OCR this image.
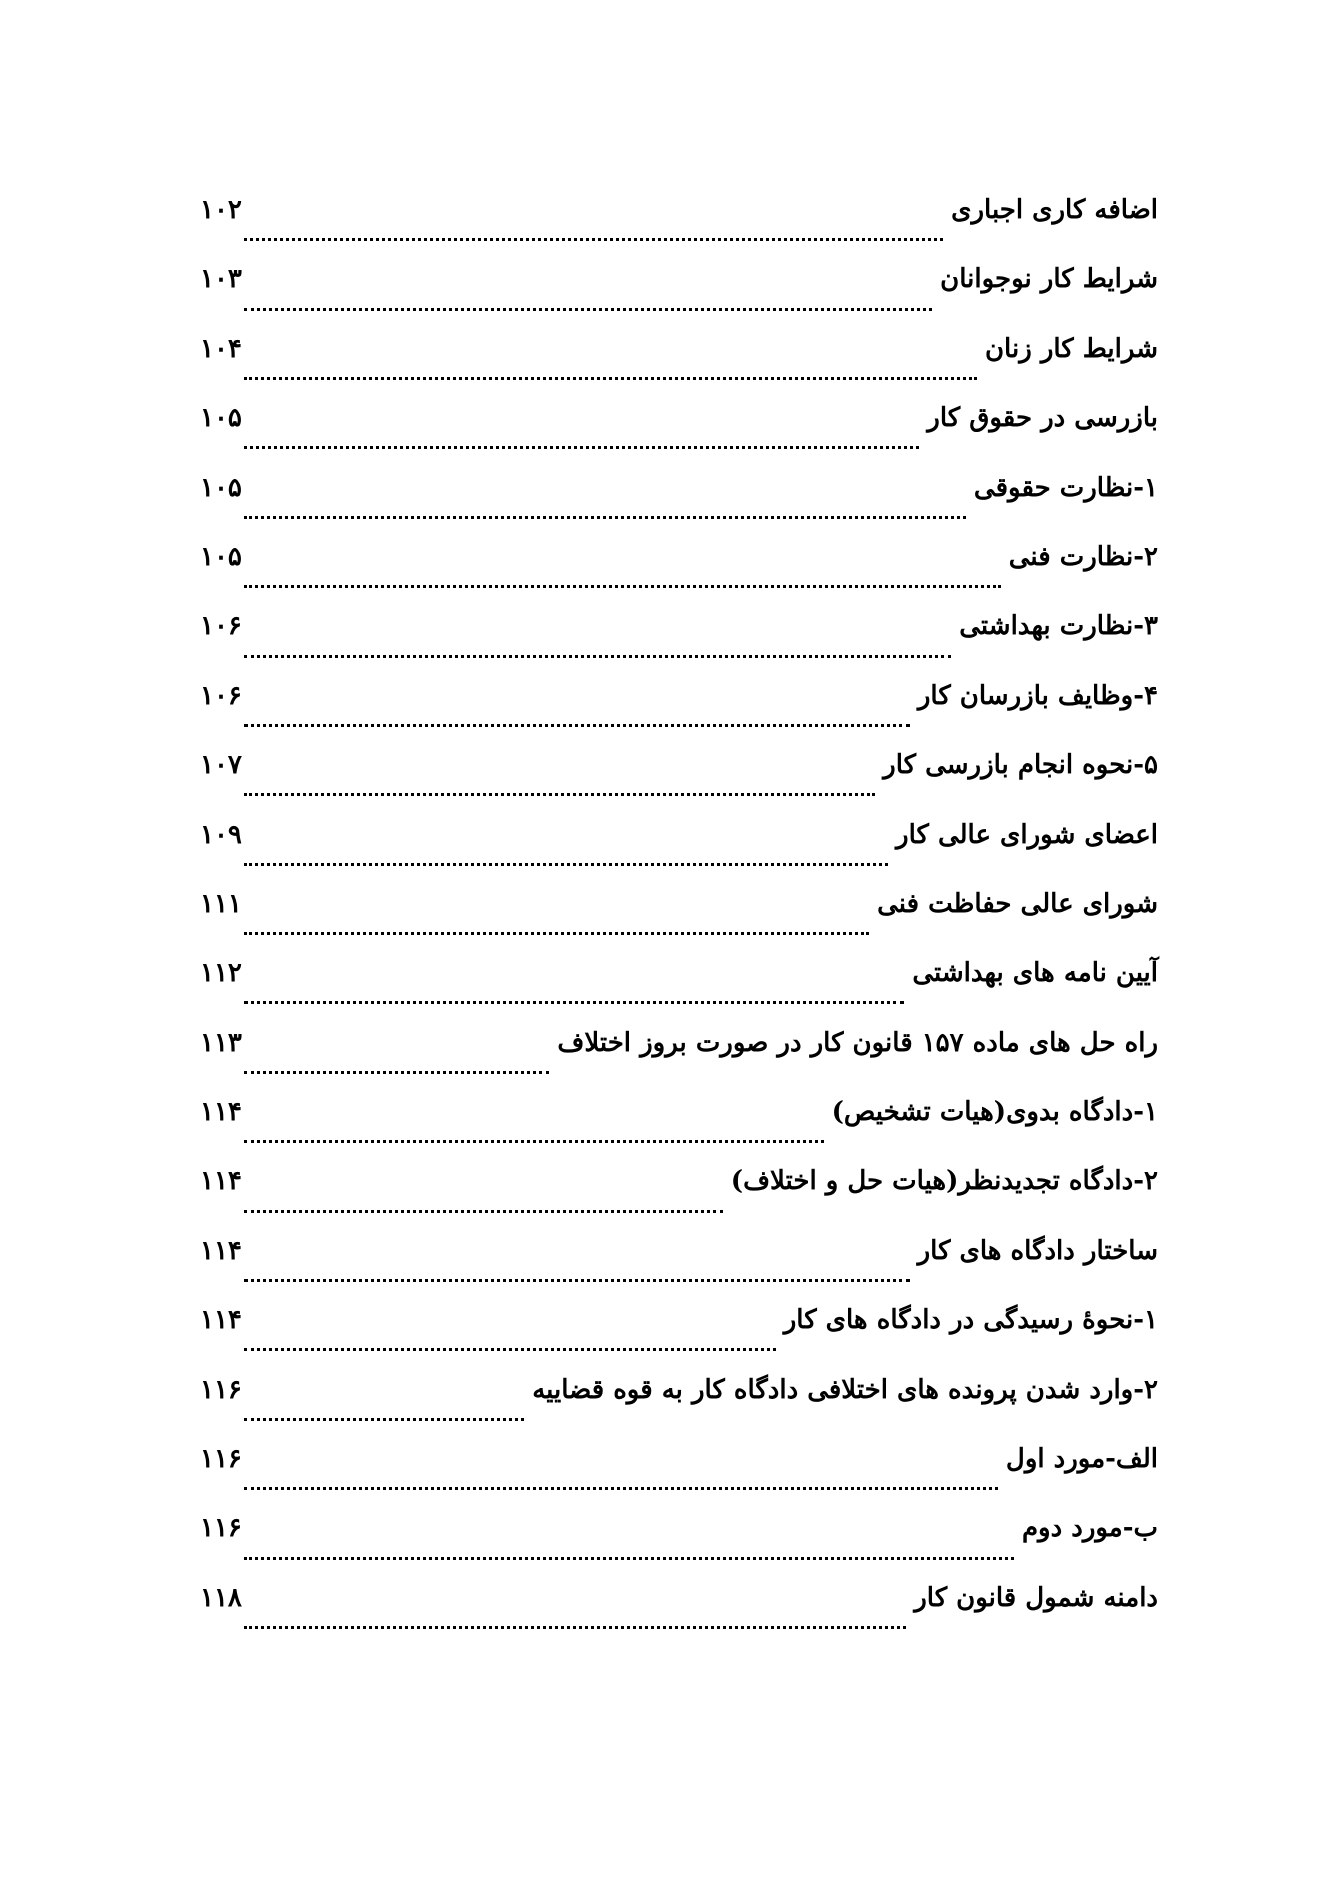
اضافه کاری اجباری
۱۰۲
شرایط کار نوجوانان
۱۰۳
شرایط کار زنان
۱۰۴
بازرسی در حقوق کار
۱۰۵
۱-نظارت حقوقی
۱۰۵
۲-نظارت فنی
۱۰۵
۳-نظارت بهداشتی
۱۰۶
۴-وظایف بازرسان کار
۱۰۶
۵-نحوه انجام بازرسی کار
۱۰۷
اعضای شورای عالی کار
۱۰۹
شورای عالی حفاظت فنی
۱۱۱
آیین نامه های بهداشتی
۱۱۲
راه حل های ماده ۱۵۷ قانون کار در صورت بروز اختلاف
۱۱۳
۱-دادگاه بدوی(هیات تشخیص)
۱۱۴
۲-دادگاه تجدیدنظر(هیات حل و اختلاف)
۱۱۴
ساختار دادگاه های کار
۱۱۴
۱-نحوۀ رسیدگی در دادگاه های کار
۱۱۴
۲-وارد شدن پرونده های اختلافی دادگاه کار به قوه قضاییه
۱۱۶
الف-مورد اول
۱۱۶
ب-مورد دوم
۱۱۶
دامنه شمول قانون کار
۱۱۸
